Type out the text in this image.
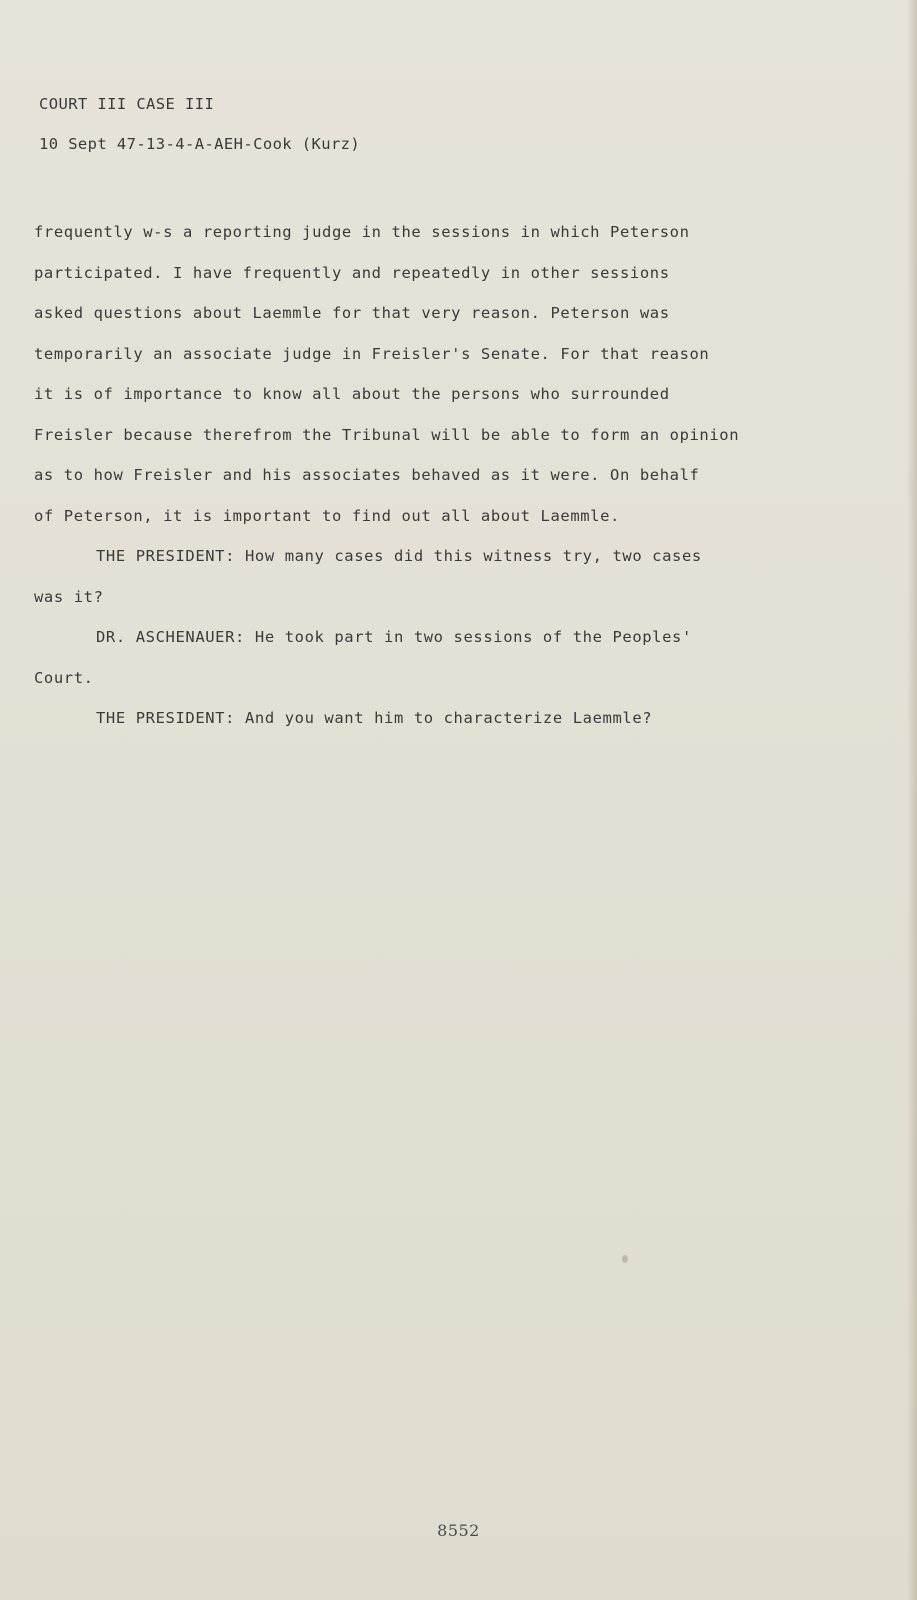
COURT III CASE III
10 Sept 47-13-4-A-AEH-Cook (Kurz)
frequently w-s a reporting judge in the sessions in which Peterson
participated. I have frequently and repeatedly in other sessions
asked questions about Laemmle for that very reason. Peterson was
temporarily an associate judge in Freisler's Senate. For that reason
it is of importance to know all about the persons who surrounded
Freisler because therefrom the Tribunal will be able to form an opinion
as to how Freisler and his associates behaved as it were. On behalf
of Peterson, it is important to find out all about Laemmle.
THE PRESIDENT: How many cases did this witness try, two cases
was it?
DR. ASCHENAUER: He took part in two sessions of the Peoples'
Court.
THE PRESIDENT: And you want him to characterize Laemmle?
8552
